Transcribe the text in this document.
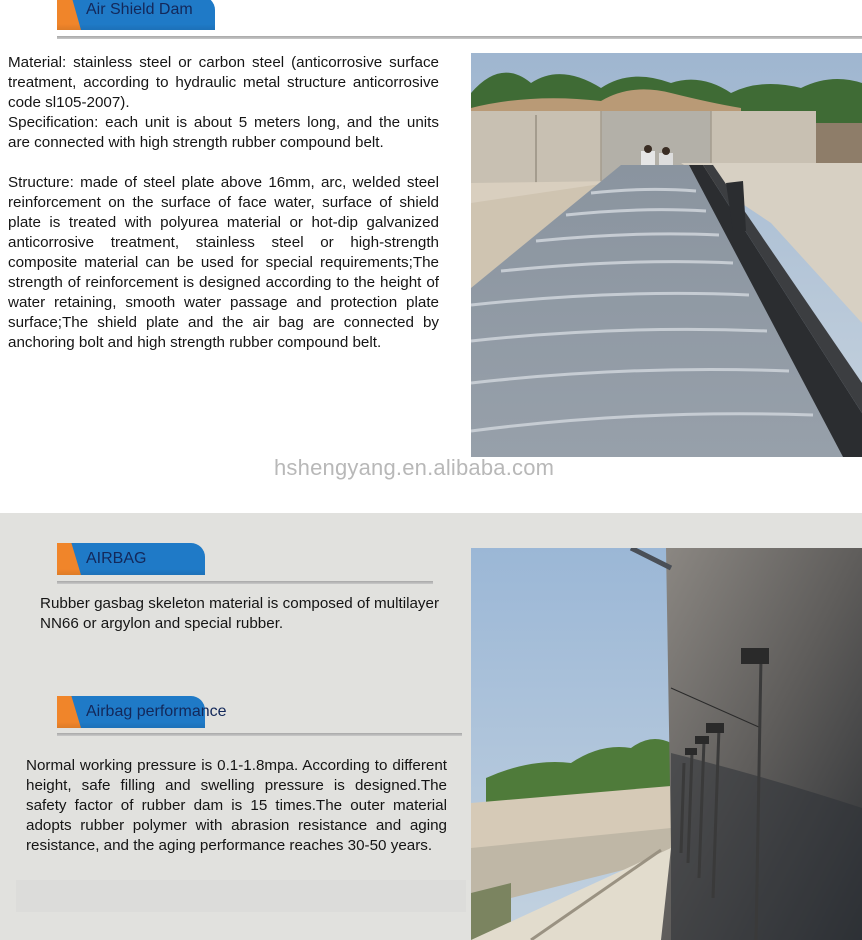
Air Shield Dam
Material: stainless steel or carbon steel (anticorrosive surface treatment, according to hydraulic metal structure anticorrosive code sl105-2007).
Specification: each unit is about 5 meters long, and the units are connected with high strength rubber compound belt.
Structure: made of steel plate above 16mm, arc, welded steel reinforcement on the surface of face water, surface of shield plate is treated with polyurea material or hot-dip galvanized anticorrosive treatment, stainless steel or high-strength composite material can be used for special requirements;The strength of reinforcement is designed according to the height of water retaining, smooth water passage and protection plate surface;The shield plate and the air bag are connected by anchoring bolt and high strength rubber compound belt.
hshengyang.en.alibaba.com
AIRBAG
Rubber gasbag skeleton material is composed of multilayer NN66 or argylon and special rubber.
Airbag performance
Normal working pressure is 0.1-1.8mpa. According to different height, safe filling and swelling pressure is designed.The safety factor of rubber dam is 15 times.The outer material adopts rubber polymer with abrasion resistance and aging resistance, and the aging performance reaches 30-50 years.
